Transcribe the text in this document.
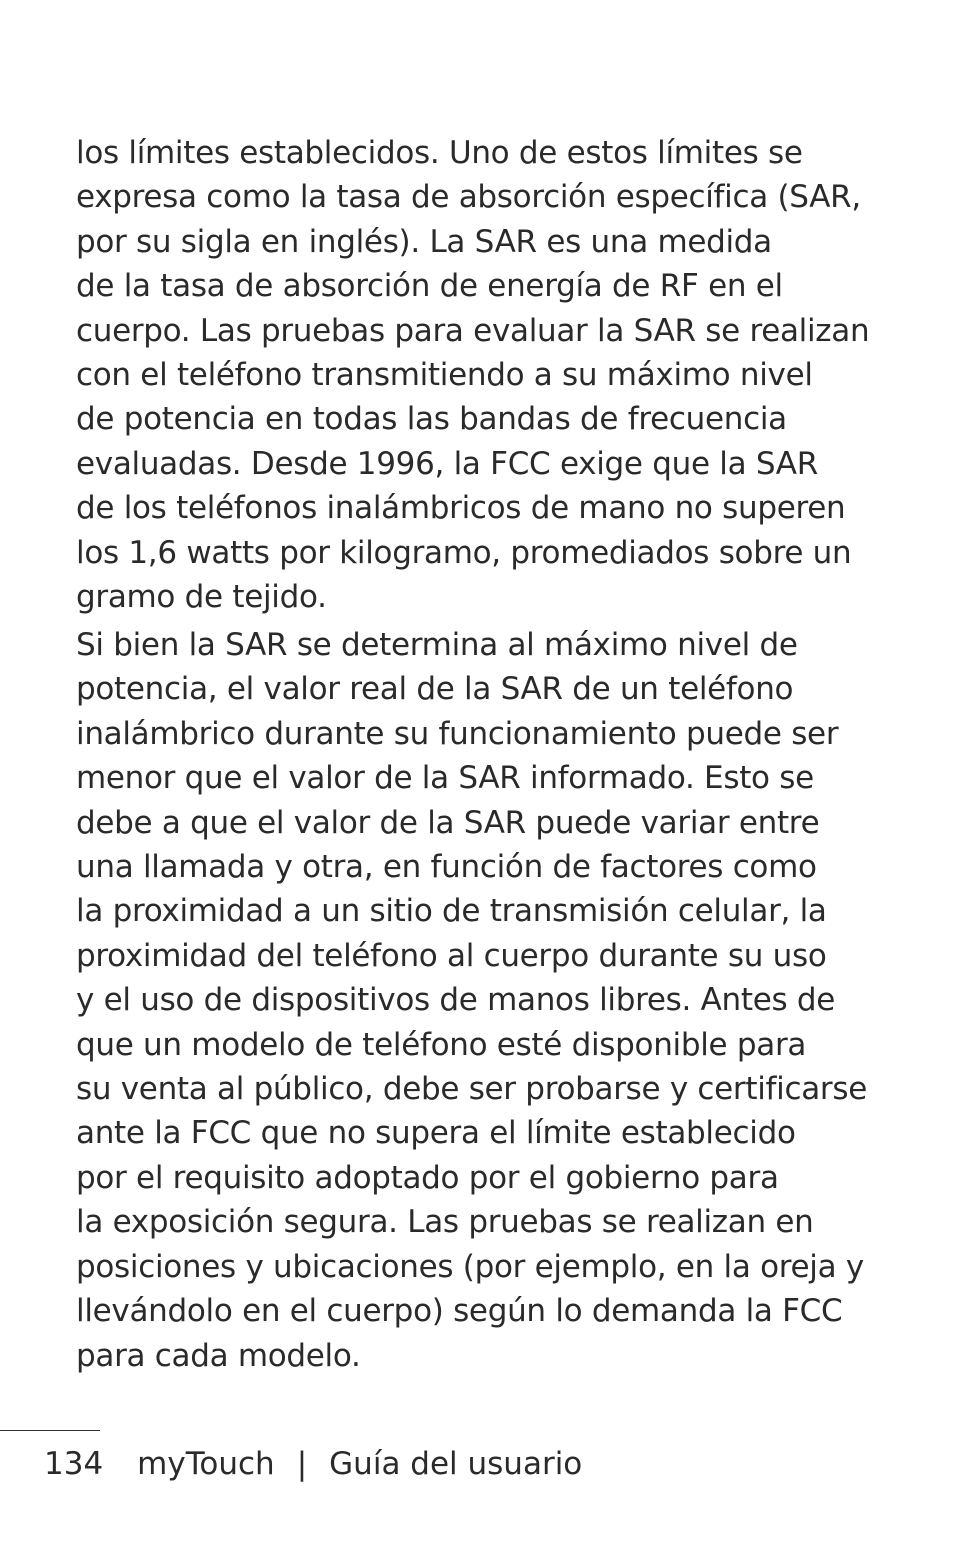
los límites establecidos. Uno de estos límites se
expresa como la tasa de absorción específica (SAR,
por su sigla en inglés). La SAR es una medida
de la tasa de absorción de energía de RF en el
cuerpo. Las pruebas para evaluar la SAR se realizan
con el teléfono transmitiendo a su máximo nivel
de potencia en todas las bandas de frecuencia
evaluadas. Desde 1996, la FCC exige que la SAR
de los teléfonos inalámbricos de mano no superen
los 1,6 watts por kilogramo, promediados sobre un
gramo de tejido.
Si bien la SAR se determina al máximo nivel de
potencia, el valor real de la SAR de un teléfono
inalámbrico durante su funcionamiento puede ser
menor que el valor de la SAR informado. Esto se
debe a que el valor de la SAR puede variar entre
una llamada y otra, en función de factores como
la proximidad a un sitio de transmisión celular, la
proximidad del teléfono al cuerpo durante su uso
y el uso de dispositivos de manos libres. Antes de
que un modelo de teléfono esté disponible para
su venta al público, debe ser probarse y certificarse
ante la FCC que no supera el límite establecido
por el requisito adoptado por el gobierno para
la exposición segura. Las pruebas se realizan en
posiciones y ubicaciones (por ejemplo, en la oreja y
llevándolo en el cuerpo) según lo demanda la FCC
para cada modelo.
134 myTouch | Guía del usuario
